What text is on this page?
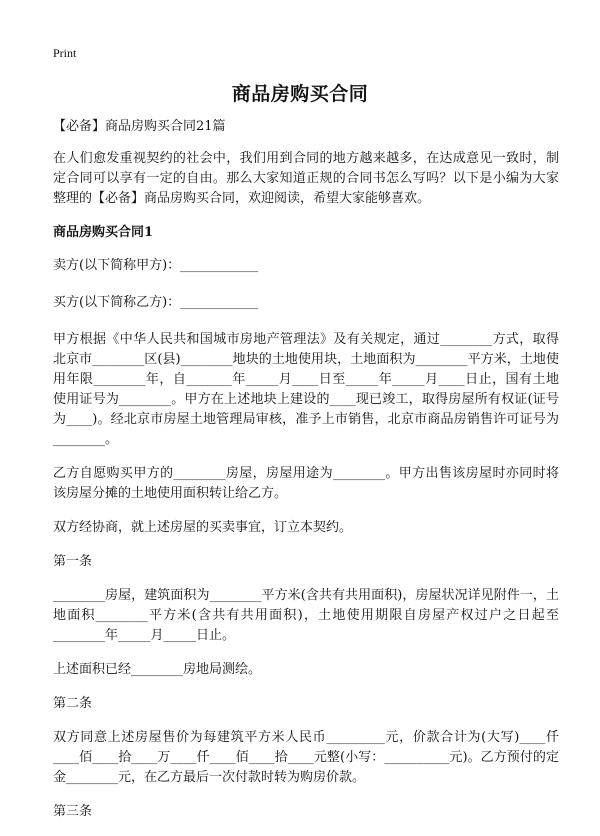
Print
商品房购买合同

【必备】商品房购买合同21篇

在人们愈发重视契约的社会中，我们用到合同的地方越来越多，在达成意见一致时，制定合同可以享有一定的自由。那么大家知道正规的合同书怎么写吗？以下是小编为大家整理的【必备】商品房购买合同，欢迎阅读，希望大家能够喜欢。

商品房购买合同1

卖方(以下简称甲方)：____________

买方(以下简称乙方)：____________

甲方根据《中华人民共和国城市房地产管理法》及有关规定，通过________方式，取得北京市________区(县)________地块的土地使用块，土地面积为________平方米，土地使用年限________年，自_______年_____月____日至_____年_____月____日止，国有土地使用证号为________。甲方在上述地块上建设的____现已竣工，取得房屋所有权证(证号为____)。经北京市房屋土地管理局审核，准予上市销售，北京市商品房销售许可证号为________。

乙方自愿购买甲方的________房屋，房屋用途为________。甲方出售该房屋时亦同时将该房屋分摊的土地使用面积转让给乙方。

双方经协商，就上述房屋的买卖事宜，订立本契约。

第一条

________房屋，建筑面积为________平方米(含共有共用面积)，房屋状况详见附件一，土地面积________平方米(含共有共用面积)，土地使用期限自房屋产权过户之日起至________年_____月_____日止。

上述面积已经________房地局测绘。

第二条

双方同意上述房屋售价为每建筑平方米人民币_________元，价款合计为(大写)____仟____佰____拾____万____仟____佰____拾____元整(小写：__________元)。乙方预付的定金________元，在乙方最后一次付款时转为购房价款。

第三条
